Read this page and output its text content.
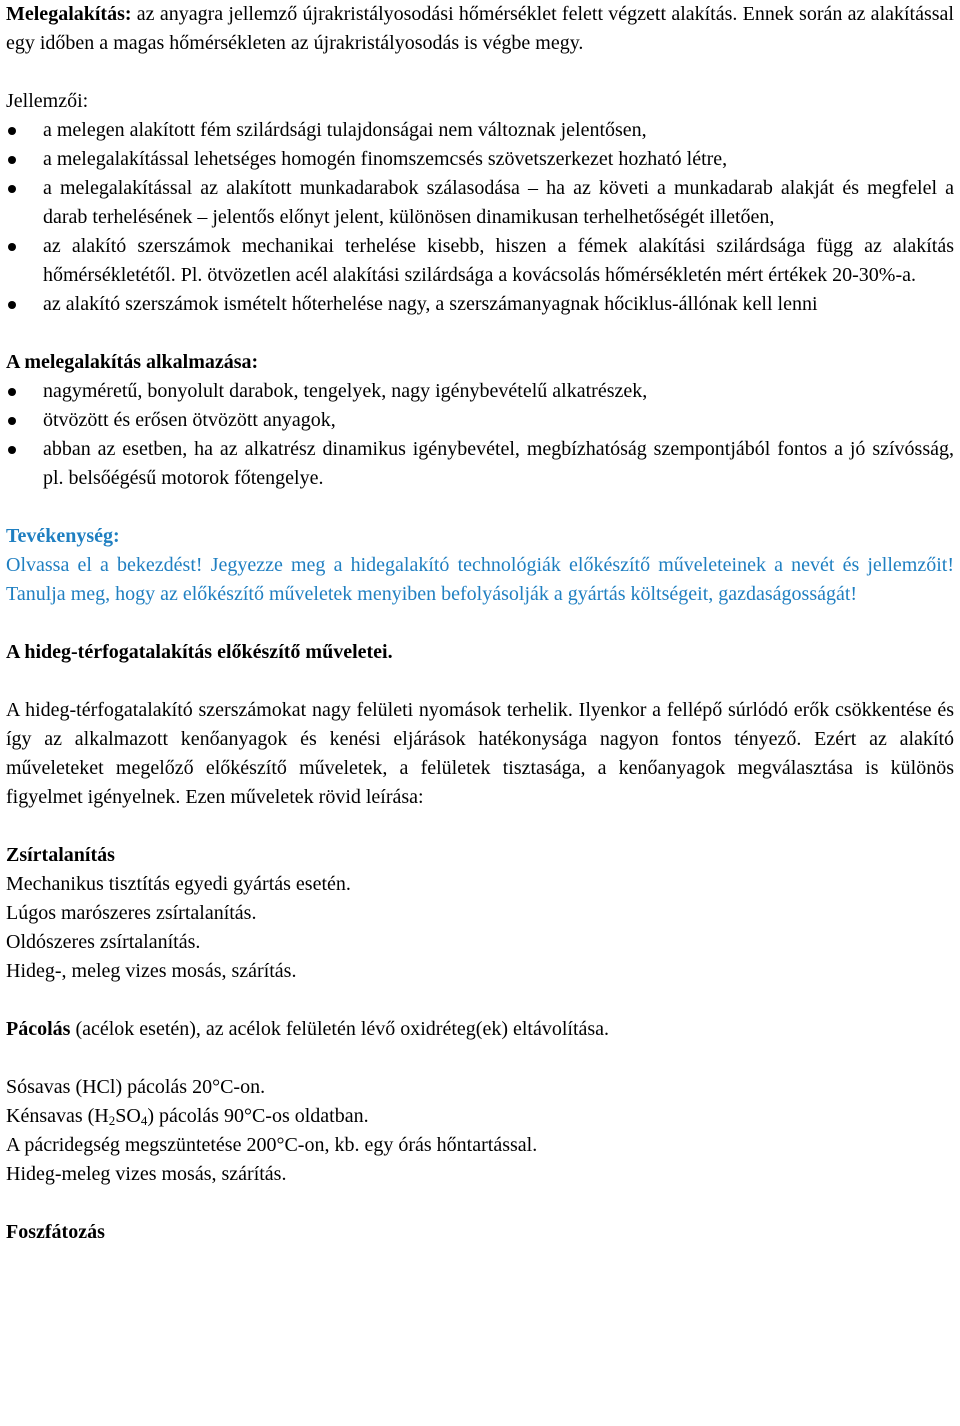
Melegalakítás: az anyagra jellemző újrakristályosodási hőmérséklet felett végzett alakítás. Ennek során az alakítással egy időben a magas hőmérsékleten az újrakristályosodás is végbe megy.

Jellemzői:

a melegen alakított fém szilárdsági tulajdonságai nem változnak jelentősen,
a melegalakítással lehetséges homogén finomszemcsés szövetszerkezet hozható létre,
a melegalakítással az alakított munkadarabok szálasodása – ha az követi a munkadarab alakját és megfelel a darab terhelésének – jelentős előnyt jelent, különösen dinamikusan terhelhetőségét illetően,
az alakító szerszámok mechanikai terhelése kisebb, hiszen a fémek alakítási szilárdsága függ az alakítás hőmérsékletétől. Pl. ötvözetlen acél alakítási szilárdsága a kovácsolás hőmérsékletén mért értékek 20-30%-a.
az alakító szerszámok ismételt hőterhelése nagy, a szerszámanyagnak hőciklus-állónak kell lenni

A melegalakítás alkalmazása:

nagyméretű, bonyolult darabok, tengelyek, nagy igénybevételű alkatrészek,
ötvözött és erősen ötvözött anyagok,
abban az esetben, ha az alkatrész dinamikus igénybevétel, megbízhatóság szempontjából fontos a jó szívósság, pl. belsőégésű motorok főtengelye.

Tevékenység:

Olvassa el a bekezdést! Jegyezze meg a hidegalakító technológiák előkészítő műveleteinek a nevét és jellemzőit! Tanulja meg, hogy az előkészítő műveletek menyiben befolyásolják a gyártás költségeit, gazdaságosságát!

A hideg-térfogatalakítás előkészítő műveletei.

A hideg-térfogatalakító szerszámokat nagy felületi nyomások terhelik. Ilyenkor a fellépő súrlódó erők csökkentése és így az alkalmazott kenőanyagok és kenési eljárások hatékonysága nagyon fontos tényező. Ezért az alakító műveleteket megelőző előkészítő műveletek, a felületek tisztasága, a kenőanyagok megválasztása is különös figyelmet igényelnek. Ezen műveletek rövid leírása:

Zsírtalanítás

Mechanikus tisztítás egyedi gyártás esetén.

Lúgos marószeres zsírtalanítás.

Oldószeres zsírtalanítás.

Hideg-, meleg vizes mosás, szárítás.

Pácolás (acélok esetén), az acélok felületén lévő oxidréteg(ek) eltávolítása.

Sósavas (HCl) pácolás 20°C-on.

Kénsavas $(H_2SO_4)$ pácolás 90°C-os oldatban.

A pácridegség megszüntetése 200°C-on, kb. egy órás hőntartással.

Hideg-meleg vizes mosás, szárítás.

Foszfátozás
